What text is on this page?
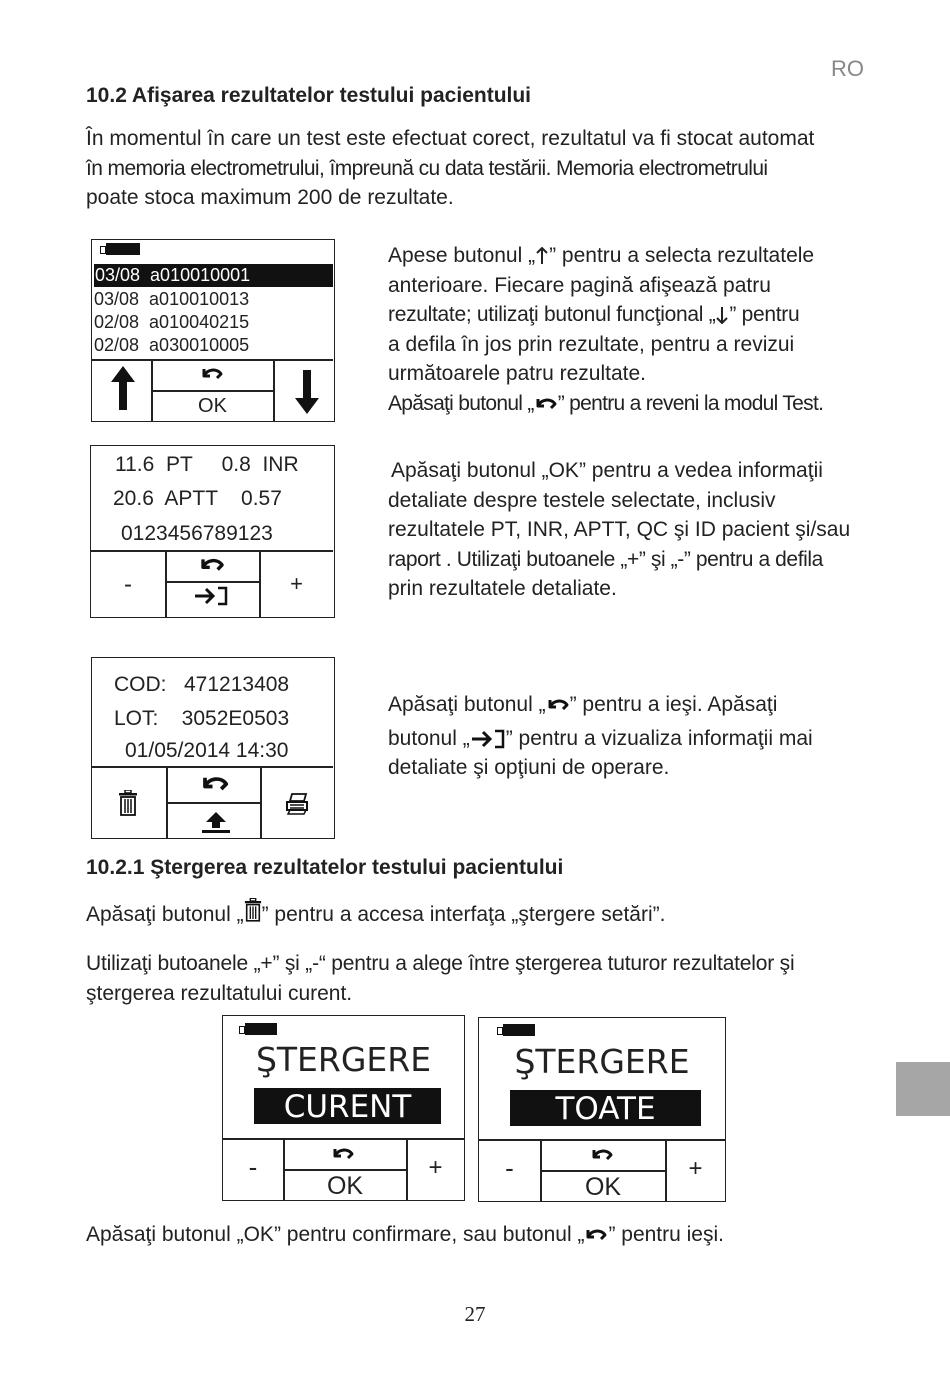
RO
10.2 Afişarea rezultatelor testului pacientului
În momentul în care un test este efectuat corect, rezultatul va fi stocat automat
în memoria electrometrului, împreună cu data testării. Memoria electrometrului
poate stoca maximum 200 de rezultate.
03/08  a010010001
03/08  a010010013
02/08  a010040215
02/08  a030010005
OK
Apese butonul „ ” pentru a selecta rezultatele
anterioare. Fiecare pagină afişează patru
rezultate; utilizaţi butonul funcţional „ ” pentru
a defila în jos prin rezultate, pentru a revizui
următoarele patru rezultate.
Apăsaţi butonul „ ” pentru a reveni la modul Test.
11.6  PT     0.8  INR
20.6  APTT    0.57
0123456789123
-	+
Apăsaţi butonul „OK” pentru a vedea informaţii
detaliate despre testele selectate, inclusiv
rezultatele PT, INR, APTT, QC şi ID pacient şi/sau
raport . Utilizaţi butoanele „+” şi „-” pentru a defila
prin rezultatele detaliate.
COD:   471213408
LOT:    3052E0503
01/05/2014 14:30
Apăsaţi butonul „ ” pentru a ieşi. Apăsaţi
butonul „ ” pentru a vizualiza informaţii mai
detaliate şi opţiuni de operare.
10.2.1 Ştergerea rezultatelor testului pacientului
Apăsaţi butonul „ ” pentru a accesa interfaţa „ştergere setări”.
Utilizaţi butoanele „+” şi „-“ pentru a alege între ştergerea tuturor rezultatelor şi
ştergerea rezultatului curent.
ŞTERGERE
CURENT
-	+
OK
ŞTERGERE
TOATE
-	+
OK
Apăsaţi butonul „OK” pentru confirmare, sau butonul „ ” pentru ieşi.
27
